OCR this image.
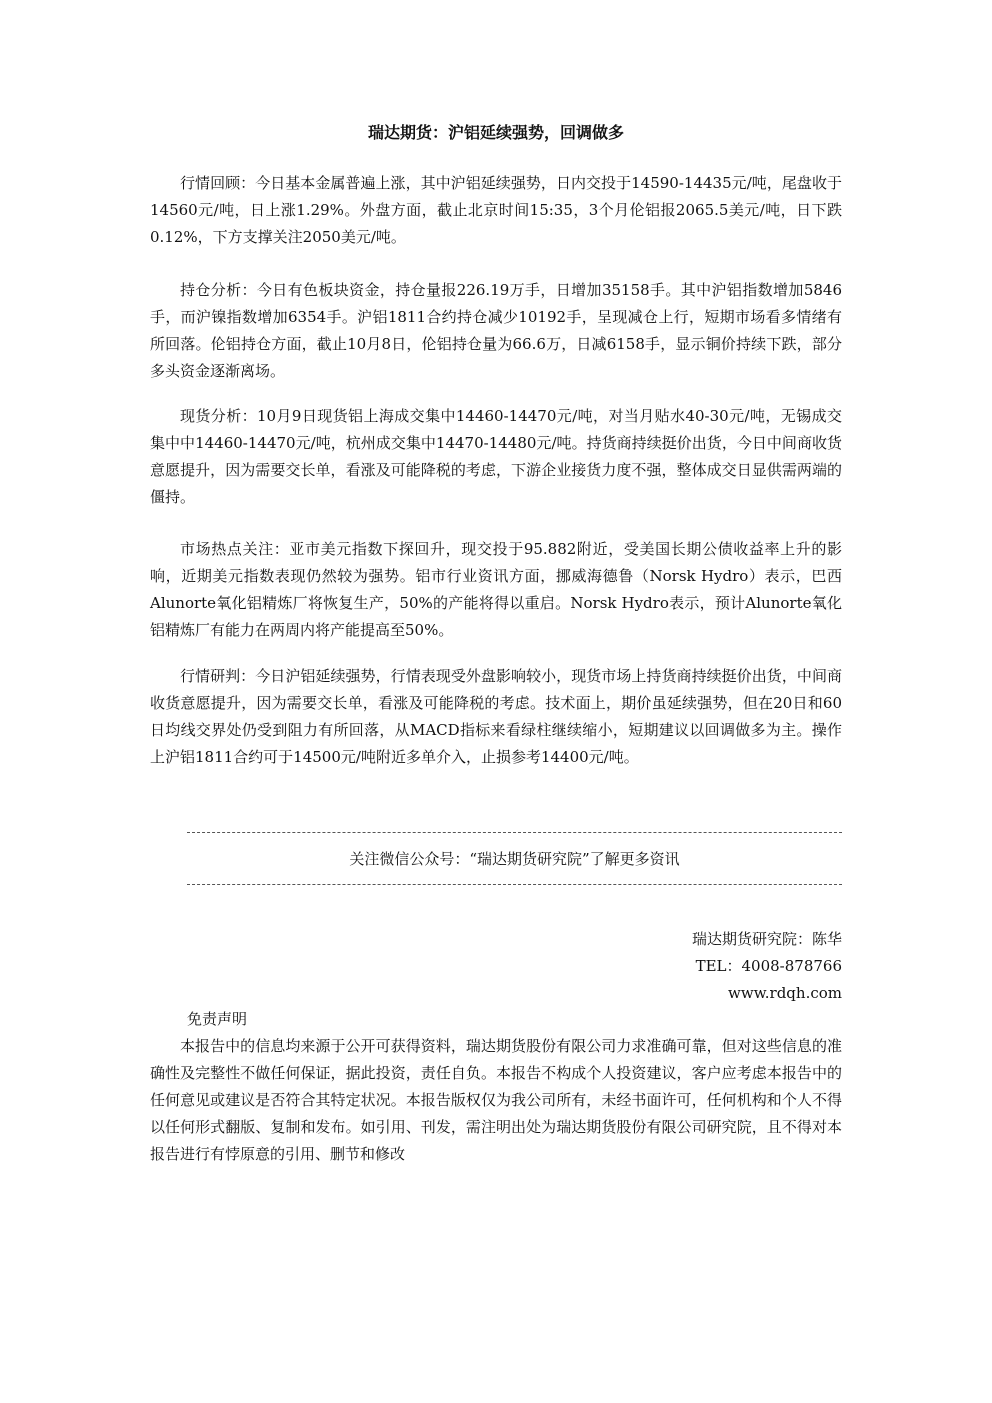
瑞达期货：沪铝延续强势，回调做多

行情回顾：今日基本金属普遍上涨，其中沪铝延续强势，日内交投于14590-14435元/吨，尾盘收于14560元/吨，日上涨1.29%。外盘方面，截止北京时间15:35，3个月伦铝报2065.5美元/吨，日下跌0.12%，下方支撑关注2050美元/吨。

持仓分析：今日有色板块资金，持仓量报226.19万手，日增加35158手。其中沪铝指数增加5846手，而沪镍指数增加6354手。沪铝1811合约持仓减少10192手，呈现减仓上行，短期市场看多情绪有所回落。伦铝持仓方面，截止10月8日，伦铝持仓量为66.6万，日减6158手，显示铜价持续下跌，部分多头资金逐渐离场。

现货分析：10月9日现货铝上海成交集中14460-14470元/吨，对当月贴水40-30元/吨，无锡成交集中中14460-14470元/吨，杭州成交集中14470-14480元/吨。持货商持续挺价出货，今日中间商收货意愿提升，因为需要交长单，看涨及可能降税的考虑，下游企业接货力度不强，整体成交日显供需两端的僵持。

市场热点关注：亚市美元指数下探回升，现交投于95.882附近，受美国长期公债收益率上升的影响，近期美元指数表现仍然较为强势。铝市行业资讯方面，挪威海德鲁（Norsk Hydro）表示，巴西Alunorte氧化铝精炼厂将恢复生产，50%的产能将得以重启。Norsk Hydro表示，预计Alunorte氧化铝精炼厂有能力在两周内将产能提高至50%。

行情研判：今日沪铝延续强势，行情表现受外盘影响较小，现货市场上持货商持续挺价出货，中间商收货意愿提升，因为需要交长单，看涨及可能降税的考虑。技术面上，期价虽延续强势，但在20日和60日均线交界处仍受到阻力有所回落，从MACD指标来看绿柱继续缩小，短期建议以回调做多为主。操作上沪铝1811合约可于14500元/吨附近多单介入，止损参考14400元/吨。

关注微信公众号：“瑞达期货研究院”了解更多资讯

瑞达期货研究院：陈华

TEL：4008-878766

www.rdqh.com

免责声明

本报告中的信息均来源于公开可获得资料，瑞达期货股份有限公司力求准确可靠，但对这些信息的准确性及完整性不做任何保证，据此投资，责任自负。本报告不构成个人投资建议，客户应考虑本报告中的任何意见或建议是否符合其特定状况。本报告版权仅为我公司所有，未经书面许可，任何机构和个人不得以任何形式翻版、复制和发布。如引用、刊发，需注明出处为瑞达期货股份有限公司研究院，且不得对本报告进行有悖原意的引用、删节和修改
